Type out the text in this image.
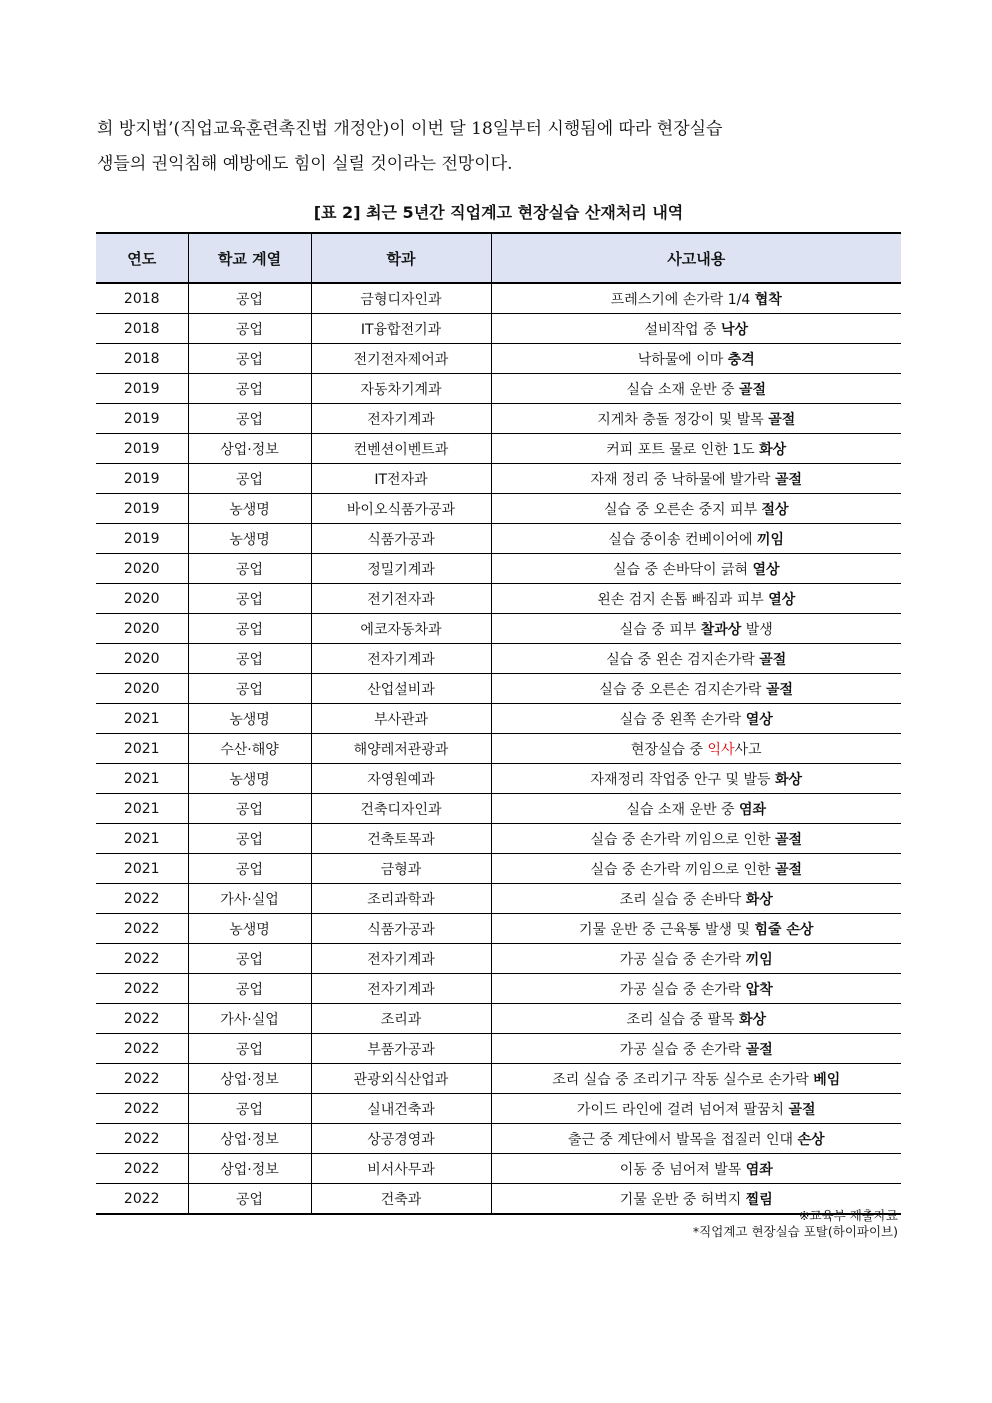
희 방지법’(직업교육훈련촉진법 개정안)이 이번 달 18일부터 시행됨에 따라 현장실습

생들의 권익침해 예방에도 힘이 실릴 것이라는 전망이다.

[표 2] 최근 5년간 직업계고 현장실습 산재처리 내역
연도	학교 계열	학과	사고내용
2018	공업	금형디자인과	프레스기에 손가락 1/4 협착
2018	공업	IT융합전기과	설비작업 중 낙상
2018	공업	전기전자제어과	낙하물에 이마 충격
2019	공업	자동차기계과	실습 소재 운반 중 골절
2019	공업	전자기계과	지게차 충돌 정강이 및 발목 골절
2019	상업·정보	컨벤션이벤트과	커피 포트 물로 인한 1도 화상
2019	공업	IT전자과	자재 정리 중 낙하물에 발가락 골절
2019	농생명	바이오식품가공과	실습 중 오른손 중지 피부 절상
2019	농생명	식품가공과	실습 중이송 컨베이어에 끼임
2020	공업	정밀기계과	실습 중 손바닥이 긁혀 열상
2020	공업	전기전자과	왼손 검지 손톱 빠짐과 피부 열상
2020	공업	에코자동차과	실습 중 피부 찰과상 발생
2020	공업	전자기계과	실습 중 왼손 검지손가락 골절
2020	공업	산업설비과	실습 중 오른손 검지손가락 골절
2021	농생명	부사관과	실습 중 왼쪽 손가락 열상
2021	수산·해양	해양레저관광과	현장실습 중 익사사고
2021	농생명	자영원예과	자재정리 작업중 안구 및 발등 화상
2021	공업	건축디자인과	실습 소재 운반 중 염좌
2021	공업	건축토목과	실습 중 손가락 끼임으로 인한 골절
2021	공업	금형과	실습 중 손가락 끼임으로 인한 골절
2022	가사·실업	조리과학과	조리 실습 중 손바닥 화상
2022	농생명	식품가공과	기물 운반 중 근육통 발생 및 힘줄 손상
2022	공업	전자기계과	가공 실습 중 손가락 끼임
2022	공업	전자기계과	가공 실습 중 손가락 압착
2022	가사·실업	조리과	조리 실습 중 팔목 화상
2022	공업	부품가공과	가공 실습 중 손가락 골절
2022	상업·정보	관광외식산업과	조리 실습 중 조리기구 작동 실수로 손가락 베임
2022	공업	실내건축과	가이드 라인에 걸려 넘어져 팔꿈치 골절
2022	상업·정보	상공경영과	출근 중 계단에서 발목을 접질러 인대 손상
2022	상업·정보	비서사무과	이동 중 넘어져 발목 염좌
2022	공업	건축과	기물 운반 중 허벅지 찔림
※교육부 제출자료
*직업계고 현장실습 포탈(하이파이브)
